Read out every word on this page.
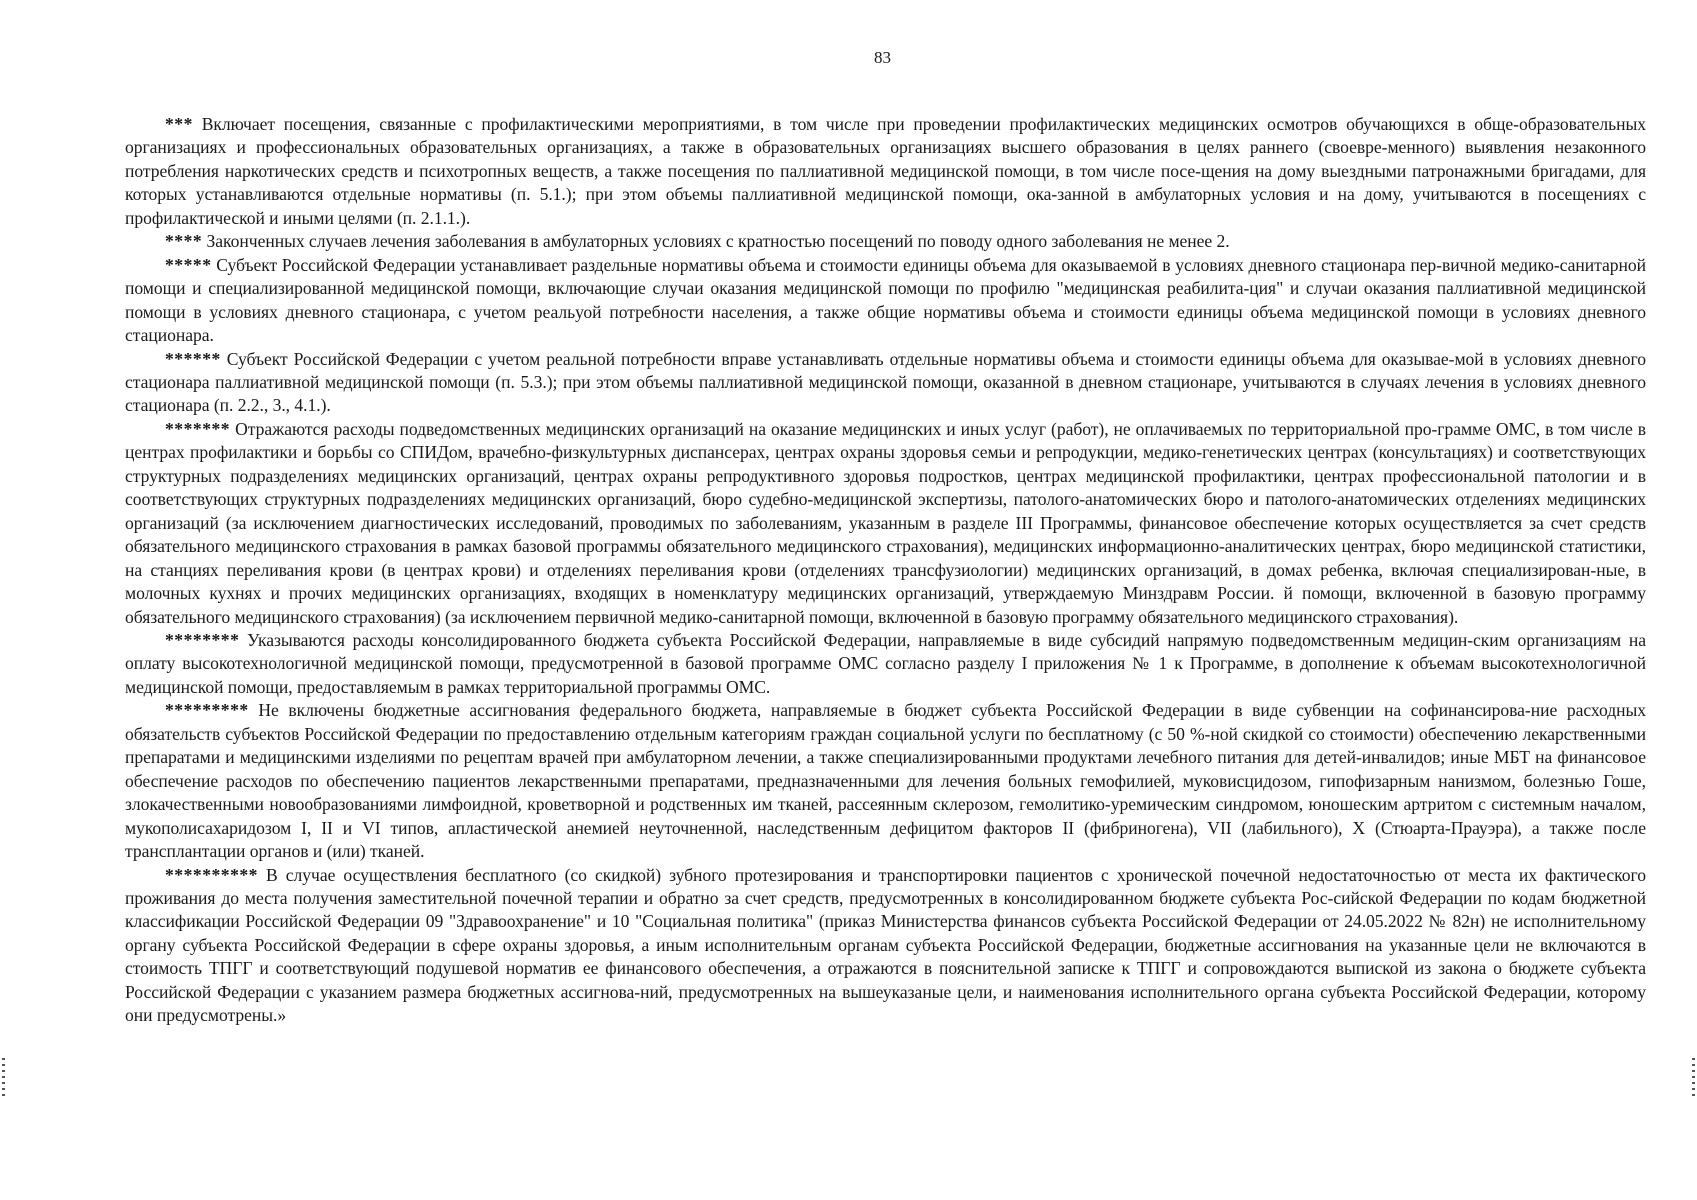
83

*** Включает посещения, связанные с профилактическими мероприятиями, в том числе при проведении профилактических медицинских осмотров обучающихся в обще-образовательных организациях и профессиональных образовательных организациях, а также в образовательных организациях высшего образования в целях раннего (своевре-менного) выявления незаконного потребления наркотических средств и психотропных веществ, а также посещения по паллиативной медицинской помощи, в том числе посе-щения на дому выездными патронажными бригадами, для которых устанавливаются отдельные нормативы (п. 5.1.); при этом объемы паллиативной медицинской помощи, ока-занной в амбулаторных условия и на дому, учитываются в посещениях с профилактической и иными целями (п. 2.1.1.).

**** Законченных случаев лечения заболевания в амбулаторных условиях с кратностью посещений по поводу одного заболевания не менее 2.

***** Субъект Российской Федерации устанавливает раздельные нормативы объема и стоимости единицы объема для оказываемой в условиях дневного стационара пер-вичной медико-санитарной помощи и специализированной медицинской помощи, включающие случаи оказания медицинской помощи по профилю "медицинская реабилита-ция" и случаи оказания паллиативной медицинской помощи в условиях дневного стационара, с учетом реальуой потребности населения, а также общие нормативы объема и стоимости единицы объема медицинской помощи в условиях дневного стационара.

****** Субъект Российской Федерации с учетом реальной потребности вправе устанавливать отдельные нормативы объема и стоимости единицы объема для оказывае-мой в условиях дневного стационара паллиативной медицинской помощи (п. 5.3.); при этом объемы паллиативной медицинской помощи, оказанной в дневном стационаре, учитываются в случаях лечения в условиях дневного стационара (п. 2.2., 3., 4.1.).

******* Отражаются расходы подведомственных медицинских организаций на оказание медицинских и иных услуг (работ), не оплачиваемых по территориальной про-грамме ОМС, в том числе в центрах профилактики и борьбы со СПИДом, врачебно-физкультурных диспансерах, центрах охраны здоровья семьи и репродукции, медико-генетических центрах (консультациях) и соответствующих структурных подразделениях медицинских организаций, центрах охраны репродуктивного здоровья подростков, центрах медицинской профилактики, центрах профессиональной патологии и в соответствующих структурных подразделениях медицинских организаций, бюро судебно-медицинской экспертизы, патолого-анатомических бюро и патолого-анатомических отделениях медицинских организаций (за исключением диагностических исследований, проводимых по заболеваниям, указанным в разделе III Программы, финансовое обеспечение которых осуществляется за счет средств обязательного медицинского страхования в рамках базовой программы обязательного медицинского страхования), медицинских информационно-аналитических центрах, бюро медицинской статистики, на станциях переливания крови (в центрах крови) и отделениях переливания крови (отделениях трансфузиологии) медицинских организаций, в домах ребенка, включая специализирован-ные, в молочных кухнях и прочих медицинских организациях, входящих в номенклатуру медицинских организаций, утверждаемую Минздравм России. й помощи, включенной в базовую программу обязательного медицинского страхования) (за исключением первичной медико-санитарной помощи, включенной в базовую программу обязательного медицинского страхования).

******** Указываются расходы консолидированного бюджета субъекта Российской Федерации, направляемые в виде субсидий напрямую подведомственным медицин-ским организациям на оплату высокотехнологичной медицинской помощи, предусмотренной в базовой программе ОМС согласно разделу I приложения № 1 к Программе, в дополнение к объемам высокотехнологичной медицинской помощи, предоставляемым в рамках территориальной программы ОМС.

********* Не включены бюджетные ассигнования федерального бюджета, направляемые в бюджет субъекта Российской Федерации в виде субвенции на софинансирова-ние расходных обязательств субъектов Российской Федерации по предоставлению отдельным категориям граждан социальной услуги по бесплатному (с 50 %-ной скидкой со стоимости) обеспечению лекарственными препаратами и медицинскими изделиями по рецептам врачей при амбулаторном лечении, а также специализированными продуктами лечебного питания для детей-инвалидов; иные МБТ на финансовое обеспечение расходов по обеспечению пациентов лекарственными препаратами, предназначенными для лечения больных гемофилией, муковисцидозом, гипофизарным нанизмом, болезнью Гоше, злокачественными новообразованиями лимфоидной, кроветворной и родственных им тканей, рассеянным склерозом, гемолитико-уремическим синдромом, юношеским артритом с системным началом, мукополисахаридозом I, II и VI типов, апластической анемией неуточненной, наследственным дефицитом факторов II (фибриногена), VII (лабильного), X (Стюарта-Прауэра), а также после трансплантации органов и (или) тканей.

********** В случае осуществления бесплатного (со скидкой) зубного протезирования и транспортировки пациентов с хронической почечной недостаточностью от места их фактического проживания до места получения заместительной почечной терапии и обратно за счет средств, предусмотренных в консолидированном бюджете субъекта Рос-сийской Федерации по кодам бюджетной классификации Российской Федерации 09 "Здравоохранение" и 10 "Социальная политика" (приказ Министерства финансов субъекта Российской Федерации от 24.05.2022 № 82н) не исполнительному органу субъекта Российской Федерации в сфере охраны здоровья, а иным исполнительным органам субъекта Российской Федерации, бюджетные ассигнования на указанные цели не включаются в стоимость ТПГГ и соответствующий подушевой норматив ее финансового обеспечения, а отражаются в пояснительной записке к ТПГГ и сопровождаются выпиской из закона о бюджете субъекта Российской Федерации с указанием размера бюджетных ассигнова-ний, предусмотренных на вышеуказаные цели, и наименования исполнительного органа субъекта Российской Федерации, которому они предусмотрены.»
